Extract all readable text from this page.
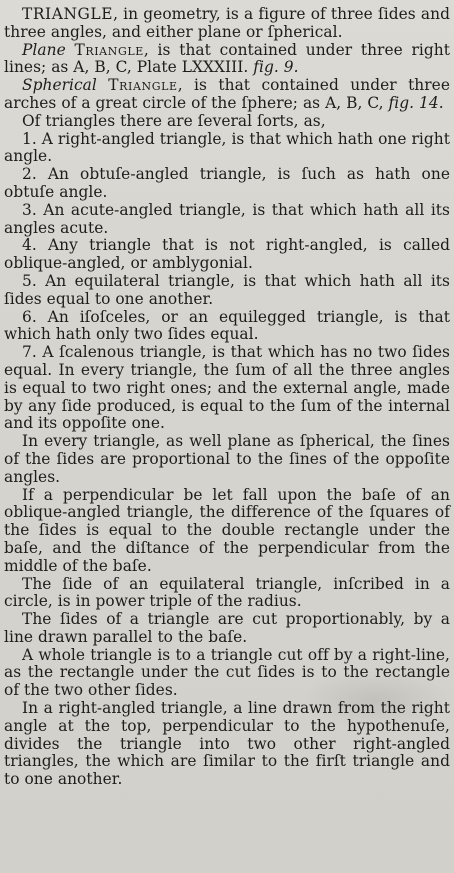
TRIANGLE, in geometry, is a figure of three ſides and three angles, and either plane or ſpherical.

Plane Triangle, is that contained under three right lines; as A, B, C, Plate LXXXIII. fig. 9.

Spherical Triangle, is that contained under three arches of a great circle of the ſphere; as A, B, C, fig. 14.

Of triangles there are ſeveral ſorts, as,

1. A right-angled triangle, is that which hath one right angle.

2. An obtuſe-angled triangle, is ſuch as hath one obtuſe angle.

3. An acute-angled triangle, is that which hath all its angles acute.

4. Any triangle that is not right-angled, is called oblique-angled, or amblygonial.

5. An equilateral triangle, is that which hath all its ſides equal to one another.

6. An iſoſceles, or an equilegged triangle, is that which hath only two ſides equal.

7. A ſcalenous triangle, is that which has no two ſides equal. In every triangle, the ſum of all the three angles is equal to two right ones; and the external angle, made by any ſide produced, is equal to the ſum of the internal and its oppoſite one.

In every triangle, as well plane as ſpherical, the ſines of the ſides are proportional to the ſines of the oppoſite angles.

If a perpendicular be let fall upon the baſe of an oblique-angled triangle, the difference of the ſquares of the ſides is equal to the double rectangle under the baſe, and the diſtance of the perpendicular from the middle of the baſe.

The ſide of an equilateral triangle, inſcribed in a circle, is in power triple of the radius.

The ſides of a triangle are cut proportionably, by a line drawn parallel to the baſe.

A whole triangle is to a triangle cut off by a right-line, as the rectangle under the cut ſides is to the rectangle of the two other ſides.

In a right-angled triangle, a line drawn from the right angle at the top, perpendicular to the hypothenuſe, divides the triangle into two other right-angled triangles, the which are ſimilar to the firſt triangle and to one another.
